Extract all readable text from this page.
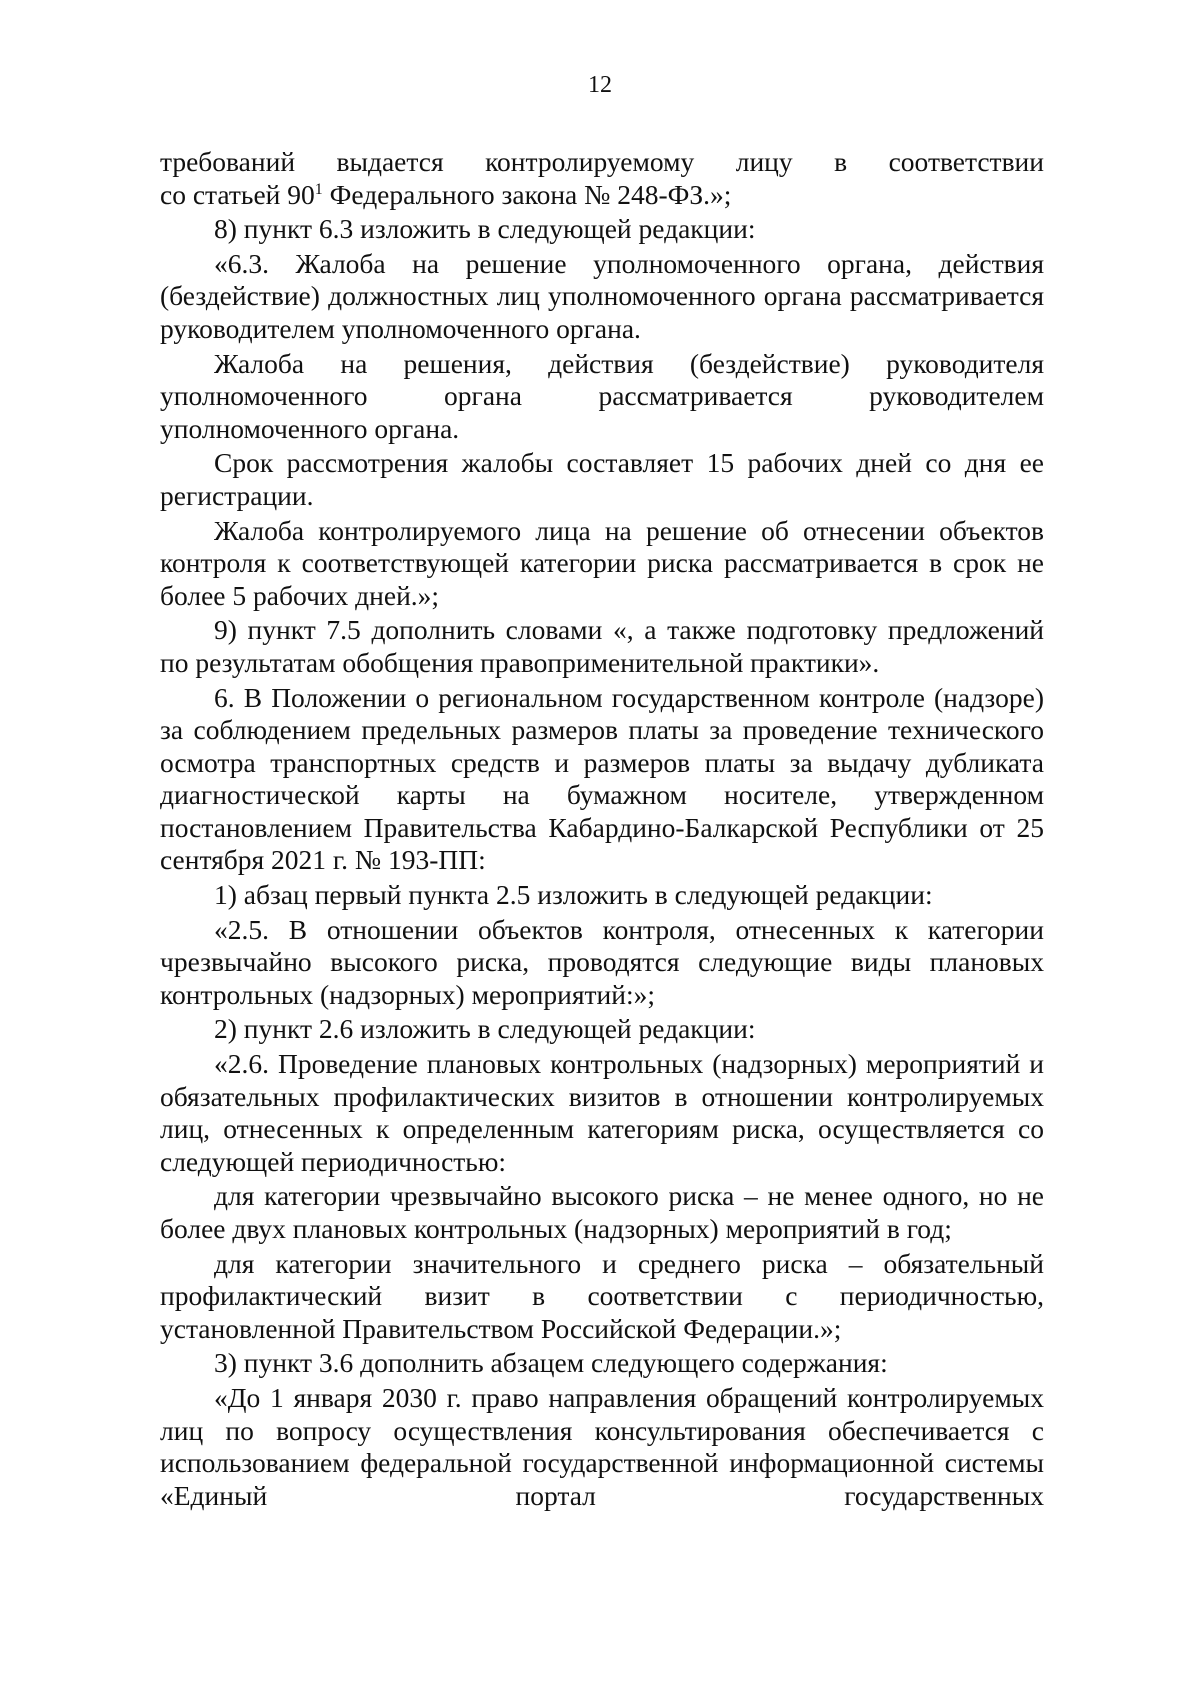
12

требований выдается контролируемому лицу в соответствии

со статьей $90^1$ Федерального закона № 248-ФЗ.»;

8) пункт 6.3 изложить в следующей редакции:

«6.3. Жалоба на решение уполномоченного органа, действия (бездействие) должностных лиц уполномоченного органа рассматривается руководителем уполномоченного органа.

Жалоба на решения, действия (бездействие) руководителя уполномоченного органа рассматривается руководителем уполномоченного органа.

Срок рассмотрения жалобы составляет 15 рабочих дней со дня ее регистрации.

Жалоба контролируемого лица на решение об отнесении объектов контроля к соответствующей категории риска рассматривается в срок не более 5 рабочих дней.»;

9) пункт 7.5 дополнить словами «, а также подготовку предложений по результатам обобщения правоприменительной практики».

6. В Положении о региональном государственном контроле (надзоре) за соблюдением предельных размеров платы за проведение технического осмотра транспортных средств и размеров платы за выдачу дубликата диагностической карты на бумажном носителе, утвержденном постановлением Правительства Кабардино-Балкарской Республики от 25 сентября 2021 г. № 193-ПП:

1) абзац первый пункта 2.5 изложить в следующей редакции:

«2.5. В отношении объектов контроля, отнесенных к категории чрезвычайно высокого риска, проводятся следующие виды плановых контрольных (надзорных) мероприятий:»;

2) пункт 2.6 изложить в следующей редакции:

«2.6. Проведение плановых контрольных (надзорных) мероприятий и обязательных профилактических визитов в отношении контролируемых лиц, отнесенных к определенным категориям риска, осуществляется со следующей периодичностью:

для категории чрезвычайно высокого риска – не менее одного, но не более двух плановых контрольных (надзорных) мероприятий в год;

для категории значительного и среднего риска – обязательный профилактический визит в соответствии с периодичностью, установленной Правительством Российской Федерации.»;

3) пункт 3.6 дополнить абзацем следующего содержания:

«До 1 января 2030 г. право направления обращений контролируемых лиц по вопросу осуществления консультирования обеспечивается с использованием федеральной государственной информационной системы «Единый портал государственных
